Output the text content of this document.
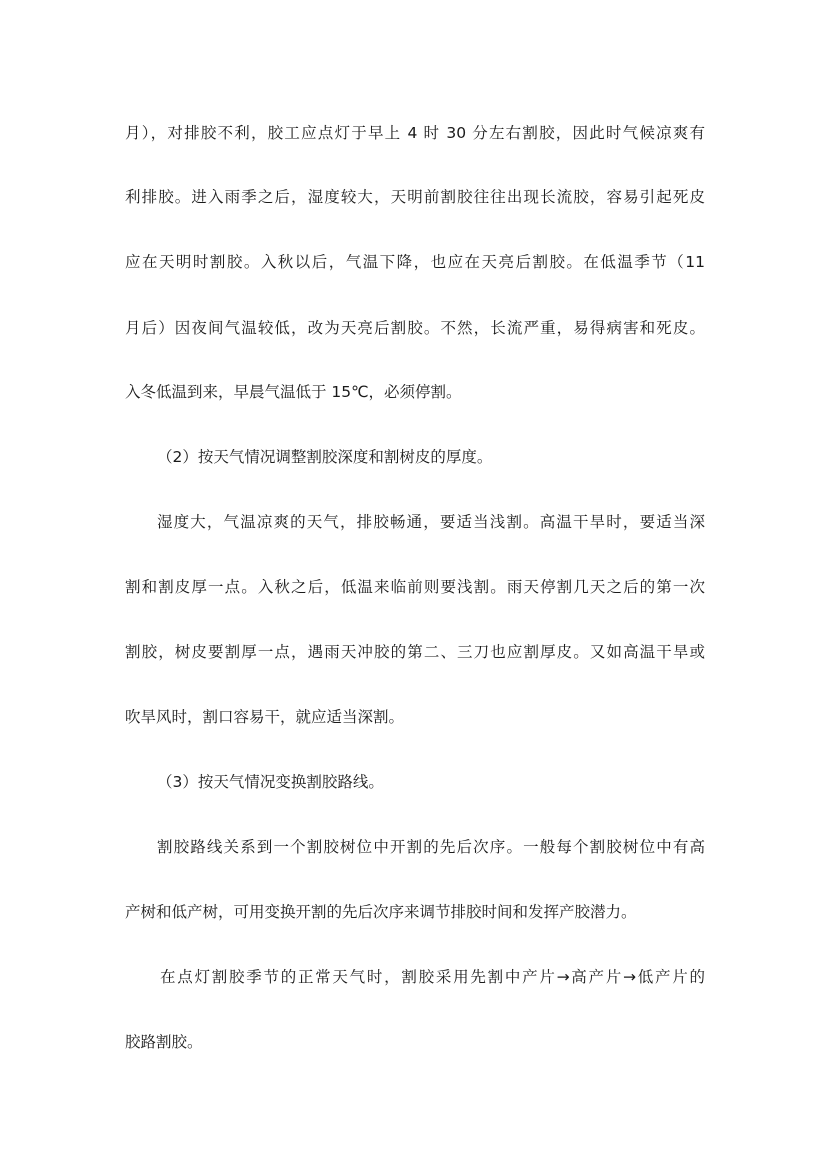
月），对排胶不利，胶工应点灯于早上 4 时 30 分左右割胶，因此时气候凉爽有
利排胶。进入雨季之后，湿度较大，天明前割胶往往出现长流胶，容易引起死皮
应在天明时割胶。入秋以后，气温下降，也应在天亮后割胶。在低温季节（11
月后）因夜间气温较低，改为天亮后割胶。不然，长流严重，易得病害和死皮。
入冬低温到来，早晨气温低于 15℃，必须停割。
（2）按天气情况调整割胶深度和割树皮的厚度。
湿度大，气温凉爽的天气，排胶畅通，要适当浅割。高温干旱时，要适当深
割和割皮厚一点。入秋之后，低温来临前则要浅割。雨天停割几天之后的第一次
割胶，树皮要割厚一点，遇雨天冲胶的第二、三刀也应割厚皮。又如高温干旱或
吹旱风时，割口容易干，就应适当深割。
（3）按天气情况变换割胶路线。
割胶路线关系到一个割胶树位中开割的先后次序。一般每个割胶树位中有高
产树和低产树，可用变换开割的先后次序来调节排胶时间和发挥产胶潜力。
在点灯割胶季节的正常天气时，割胶采用先割中产片→高产片→低产片的
胶路割胶。
